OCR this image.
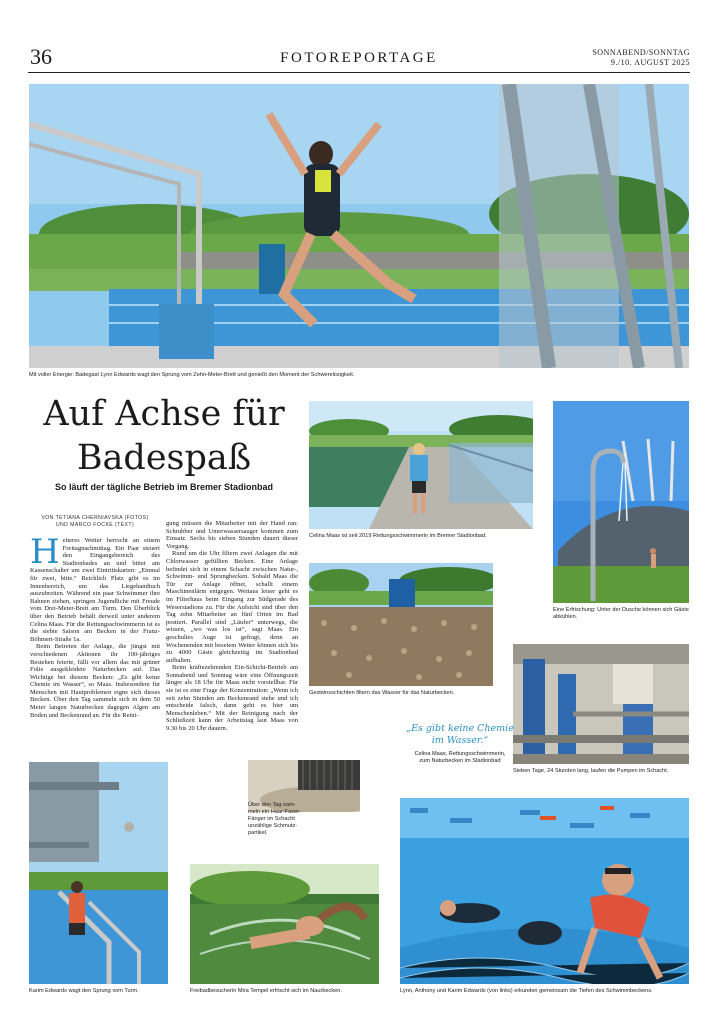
36	FOTOREPORTAGE	SONNABEND/SONNTAG
9./10. AUGUST 2025
Mit voller Energie: Badegast Lynn Edwards wagt den Sprung vom Zehn-Meter-Brett und genießt den Moment der Schwerelosigkeit.
Auf Achse für
Badespaß
So läuft der tägliche Betrieb im Bremer Stadionbad
VON TETIANA CHERNIAVSKA (FOTOS)
UND MARCO FOCKE (TEXT)

Heiteres Wetter herrscht an einem Freitagnachmittag. Ein Paar steuert den Eingangsbereich des Stadionbades an und bittet am Kassenschalter um zwei Eintrittskarten: „Einmal für zwei, bitte.“ Reichlich Platz gibt es im Innenbereich, um das Liegehandtuch auszubreiten. Während ein paar Schwimmer ihre Bahnen ziehen, springen Jugendliche mit Freude vom Drei-Meter-Brett am Turm. Den Überblick über den Betrieb behält derweil unter anderem Celina Maas. Für die Rettungsschwimmerin ist es die siebte Saison am Becken in der Franz-Böhmert-Straße 1a.

Beim Betreten der Anlage, die jüngst mit verschiedenen Aktionen ihr 100-jähriges Bestehen feierte, fällt vor allem das mit grüner Folie ausgekleidete Naturbecken auf. Das Wichtige bei diesem Becken: „Es gibt keine Chemie im Wasser“, so Maas. Insbesondere für Menschen mit Hautproblemen eigne sich dieses Becken. Über den Tag sammeln sich in dem 50 Meter langen Naturbecken dagegen Algen am Boden und Beckenrand an. Für die Reini-

gung müssen die Mitarbeiter mit der Hand ran: Schrubber und Unterwassersauger kommen zum Einsatz. Sechs bis sieben Stunden dauert dieser Vorgang.

Rund um die Uhr filtern zwei Anlagen die mit Chlorwasser gefüllten Becken. Eine Anlage befindet sich in einem Schacht zwischen Natur-, Schwimm- und Sprungbecken. Sobald Maas die Tür zur Anlage öffnet, schallt einem Maschinenlärm entgegen. Weitaus leiser geht es im Filterhaus beim Eingang zur Südgerade des Weserstadions zu. Für die Aufsicht sind über den Tag zehn Mitarbeiter an fünf Orten im Bad postiert. Parallel sind „Läufer“ unterwegs, die wissen, „wo was los ist“, sagt Maas. Ein geschultes Auge ist gefragt, denn an Wochenenden mit besetem Wetter können sich bis zu 4000 Gäste gleichzeitig im Stadionbad aufhalten.

Beim kräftezehrenden Ein-Schicht-Betrieb am Sonnabend und Sonntag wäre eine Öffnungszeit länger als 18 Uhr für Maas nicht vorstellbar. Für sie ist es eine Frage der Konzentration: „Wenn ich seit zehn Stunden am Beckenrand stehe und ich entscheide falsch, dann geht es hier um Menschenleben.“ Mit der Reinigung nach der Schließzeit kann der Arbeitstag laut Maas von 9.30 bis 20 Uhr dauern.

Celina Maas ist seit 2019 Rettungsschwimmerin im Bremer Stadionbad.
Eine Erfrischung: Unter der Dusche können sich Gäste abkühlen.
Gesteinsschichten filtern das Wasser für das Naturbecken.
Sieben Tage, 24 Stunden lang, laufen die Pumpen im Schacht.
„Es gibt keine Chemie
im Wasser.“
Celina Maas, Rettungsschwimmerin,
zum Naturbecken im Stadionbad
Über den Tag sam-
meln ein Haar-Faser-
Fänger im Schacht
unzählige Schmutz-
partikel.
Karim Edwards wagt den Sprung vom Turm.	Freibadbesucherin Mira Tempel erfrischt sich im Naurbecken.	Lynn, Anthony und Karim Edwards (von links) erkunden gemeinsam die Tiefen des Schwimmbeckens.
